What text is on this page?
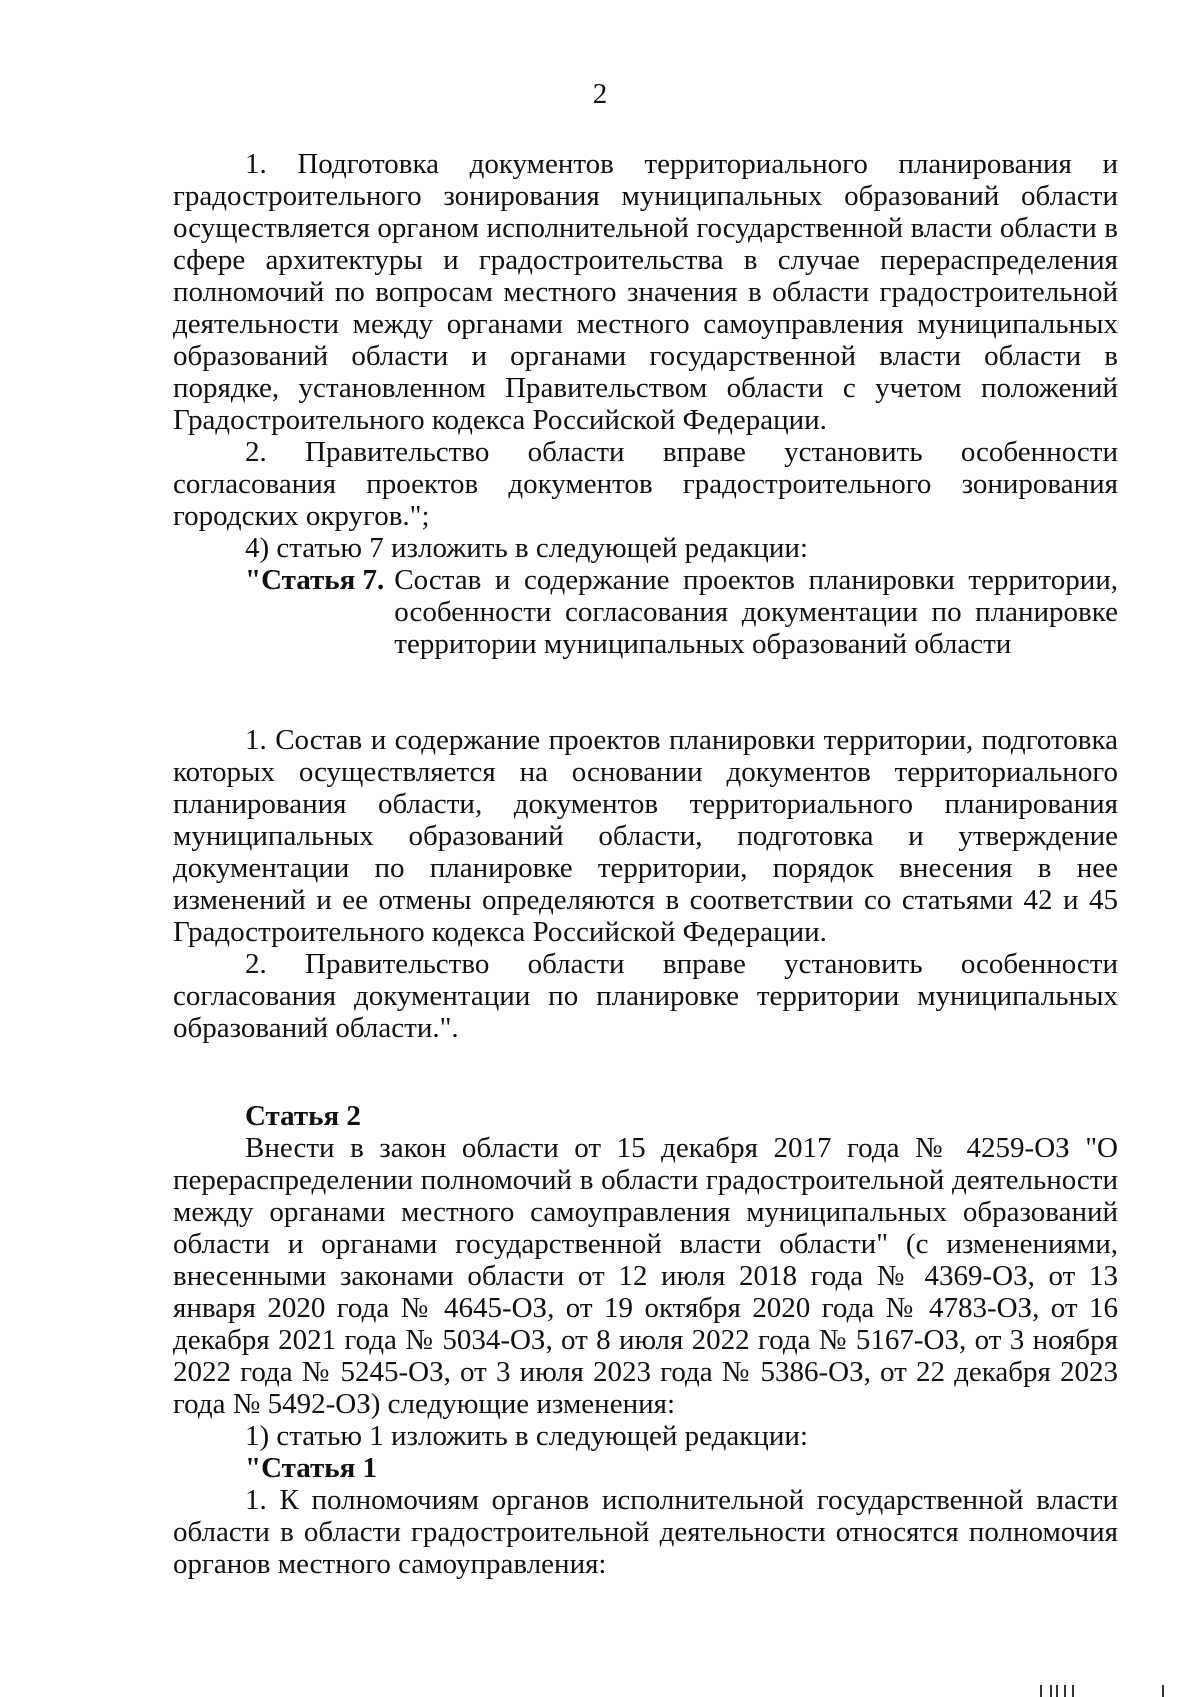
2

1. Подготовка документов территориального планирования и градостроительного зонирования муниципальных образований области осуществляется органом исполнительной государственной власти области в сфере архитектуры и градостроительства в случае перераспределения полномочий по вопросам местного значения в области градостроительной деятельности между органами местного самоуправления муниципальных образований области и органами государственной власти области в порядке, установленном Правительством области с учетом положений Градостроительного кодекса Российской Федерации.

2. Правительство области вправе установить особенности согласования проектов документов градостроительного зонирования городских округов.";

4) статью 7 изложить в следующей редакции:

"Статья 7. Состав и содержание проектов планировки территории, особенности согласования документации по планировке территории муниципальных образований области

1. Состав и содержание проектов планировки территории, подготовка которых осуществляется на основании документов территориального планирования области, документов территориального планирования муниципальных образований области, подготовка и утверждение документации по планировке территории, порядок внесения в нее изменений и ее отмены определяются в соответствии со статьями 42 и 45 Градостроительного кодекса Российской Федерации.

2. Правительство области вправе установить особенности согласования документации по планировке территории муниципальных образований области.".

Статья 2

Внести в закон области от 15 декабря 2017 года № 4259-ОЗ "О перераспределении полномочий в области градостроительной деятельности между органами местного самоуправления муниципальных образований области и органами государственной власти области" (с изменениями, внесенными законами области от 12 июля 2018 года № 4369-ОЗ, от 13 января 2020 года № 4645-ОЗ, от 19 октября 2020 года № 4783-ОЗ, от 16 декабря 2021 года № 5034-ОЗ, от 8 июля 2022 года № 5167-ОЗ, от 3 ноября 2022 года № 5245-ОЗ, от 3 июля 2023 года № 5386-ОЗ, от 22 декабря 2023 года № 5492-ОЗ) следующие изменения:

1) статью 1 изложить в следующей редакции:

"Статья 1

1. К полномочиям органов исполнительной государственной власти области в области градостроительной деятельности относятся полномочия органов местного самоуправления:
